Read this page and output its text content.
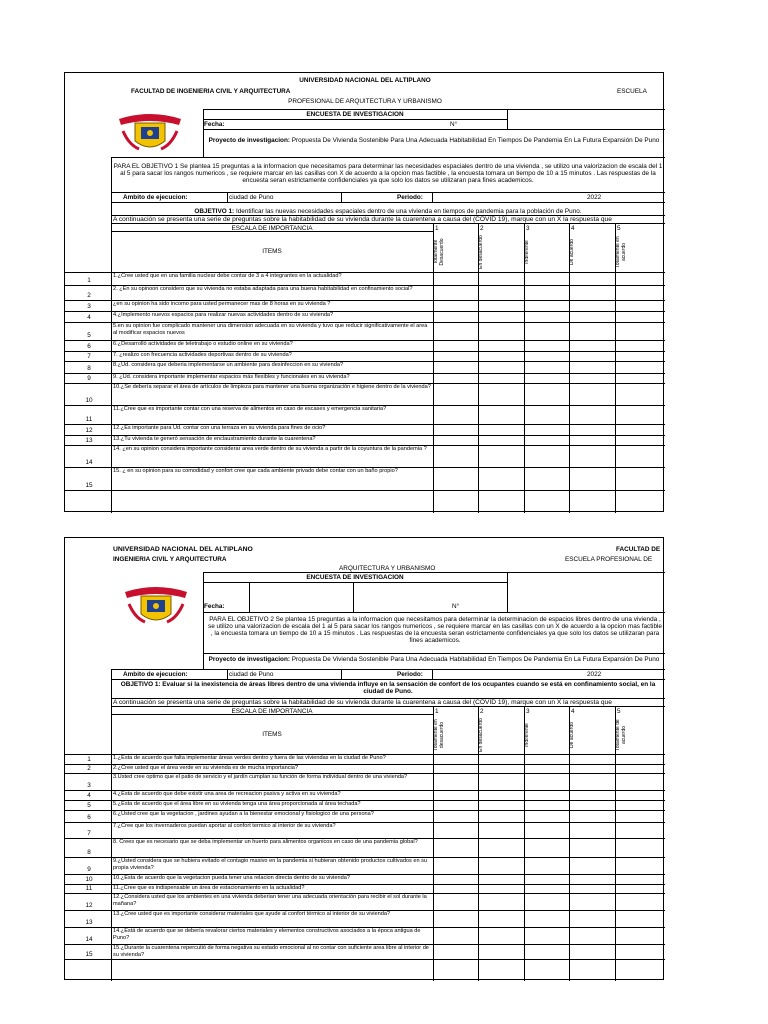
UNIVERSIDAD NACIONAL DEL ALTIPLANO
FACULTAD DE INGENIERIA CIVIL Y ARQUITECTURA	ESCUELA
PROFESIONAL DE ARQUITECTURA Y URBANISMO
ENCUESTA DE INVESTIGACION
Fecha:	N°
Proyecto de investigacion: Propuesta De Vivienda Sostenible Para Una Adecuada Habitabilidad En Tiempos De Pandemia En La Futura Expansión De Puno
PARA EL OBJETIVO 1 Se plantea 15 preguntas a la informacion que necesitamos para determinar las necesidades espaciales dentro de una vivienda , se utilizo una valorizacion de escala del 1 al 5 para sacar los rangos numericos , se requiere marcar en las casillas con X de acuerdo a la opcion mas factible , la encuesta tomara un tiempo de 10 a 15 minutos . Las respuestas de la encuesta seran estrictamente confidenciales ya que solo los datos se utilizaran para fines academicos.
Ambito de ejecucion:	ciudad de Puno	Periodo:	2022
OBJETIVO 1: Identificar las nuevas necesidades espaciales dentro de una vivienda en tiempos de pandemia para la población de Puno.
A continuación se presenta una serie de preguntas sobre la habitabilidad de su vivienda durante la cuarentena a causa del (COVID 19), marque con un X la respuesta que
ESCALA DE IMPORTANCIA
ITEMS
1	2	3	4	5
Totalmente Desacuerdo	En desacuerdo	Indiferente	De acuerdo	Totalmente en acuerdo
1
1.¿Cree usted que en una familia nuclear debe contar de 3 a 4 integrantes en la actualidad?
2
2. ¿En su opinoon considero que su vivienda no estaba adaptada para una buena habitabilidad en confinamiento social?
3	¿en su opinion ha sido incomo para usted permanecer mas de 8 horas en su vivienda ?
4	4.¿Implemento nuevos espacios para realizar nuevas actividades dentro de su vivienda?
5
5.en su opinion fue complicado mantener una dimension adecuada en su vivienda y tuvo que reducir significativamente el area al modificar espacios nuevos
6	6.¿Desarrolló actividades de teletrabajo o estudio online en su vivienda?
7	7. ¿realizo con frecuencia actividades deportivas dentro de su vivienda?
8	8.¿Ud. considera que deberia implementarse un ambiente para desinfeccion en su vivienda?
9	9. ¿Ud. considera importante implementar espacios más flexibles y funcionales en su vivienda?
10
10.¿Se debería separar el área de artículos de limpieza para mantener una buena organización e higiene dentro de la vivienda?
11
11.¿Cree que es importante contar con una reserva de alimentos en caso de escases y emergencia sanitaria?
12	12.¿Es importante para Ud. contar con una terraza en su vivienda para fines de ocio?
13	13.¿Tu vivienda te generó sensación de enclaustramiento durante la cuarentena?
14
14. ¿en su opinion considera importante considerar area verde dentro de su vivienda a partir de la coyuntura de la pandemia ?
15
15. ¿ en su opinion para su comodidad y confort cree que cada ambiente privado debe contar con un baño propio?
UNIVERSIDAD NACIONAL DEL ALTIPLANO	FACULTAD DE
INGENIERIA CIVIL Y ARQUITECTURA	ESCUELA PROFESIONAL DE
ARQUITECTURA Y URBANISMO
ENCUESTA DE INVESTIGACION
Fecha:	N°
PARA EL OBJETIVO 2 Se plantea 15 preguntas a la informacion que necesitamos para determinar la determinacion de espacios libres dentro de una vivienda , se utilizo una valorizacion de escala del 1 al 5 para sacar los rangos numericos , se requiere marcar en las casillas con un X de acuerdo a la opcion mas factible , la encuesta tomara un tiempo de 10 a 15 minutos . Las respuestas de la encuesta seran estrictamente confidenciales ya que solo los datos se utilizaran para fines academicos.
Proyecto de investigacion: Propuesta De Vivienda Sostenible Para Una Adecuada Habitabilidad En Tiempos De Pandemia En La Futura Expansión De Puno
Ambito de ejecucion:	ciudad de Puno	Periodo:	2022
OBJETIVO 1: Evaluar si la inexistencia de áreas libres dentro de una vivienda influye en la sensación de confort de los ocupantes cuando se está en confinamiento social, en la ciudad de Puno.
A continuación se presenta una serie de preguntas sobre la habitabilidad de su vivienda durante la cuarentena a causa del (COVID 19), marque con un X la respuesta que
ESCALA DE IMPORTANCIA
ITEMS
1	2	3	4	5
Totalmente en desacuerdo	En desacuerdo	Indiferente	De acuerdo	Totalmente de acuerdo
1	1.¿Esta de acuerdo que falta implementar áreas verdes dentro y fuera de las viviendas en la ciudad de Puno?
2	2.¿Cree usted que el área verde en su vivienda es de mucha importancia?
3
3.Usted cree optimo que el patio de servicio y el jardín cumplan su función de forma individual dentro de una vivienda?
4	4.¿Esta de acuerdo que debe existir una area de recreacion pasiva y activa en su vivienda?
5	5.¿Esta de acuerdo que el área libre en su vivienda tenga una área proporcionada al área techada?
6	6.¿Usted cree que la vegetacion , jardines ayudan a la bienestar emocional y fisiologico de una persona?
7
7.¿Cree que los invernaderos puedan aportar al confort termico al interior de su vivienda?
8
8. Crees que es necesario que se deba implementar un huerto para alimentos organicos en caso de una pandemia global?
9
9.¿Usted considera que se hubiera evitado el contagio masivo en la pandemia si hubieran obtenido productos cultivados en su propia vivienda?
10	10.¿Esta de acuerdo que la vegetacion pueda tener una relacion directa dentro de su vivienda?
11	11.¿Cree que es indispensable un área de estacionamiento en la actualidad?
12
12.¿Considera usted que los ambientes en una vivienda deberian tener una adecuada orientación para recibir el sol durante la mañana?
13
13.¿Cree usted que es importante considerar materiales que ayude al confort térmico al interior de su vivienda?
14
14.¿Está de acuerdo que se debería revalorar ciertos materiales y elementos constructivos asociados a la época antigua de Puno?
15
15.¿Durante la cuarentena repercutió de forma negativa su estado emocional al no contar con suficiente area libre al interior de su vivienda?
